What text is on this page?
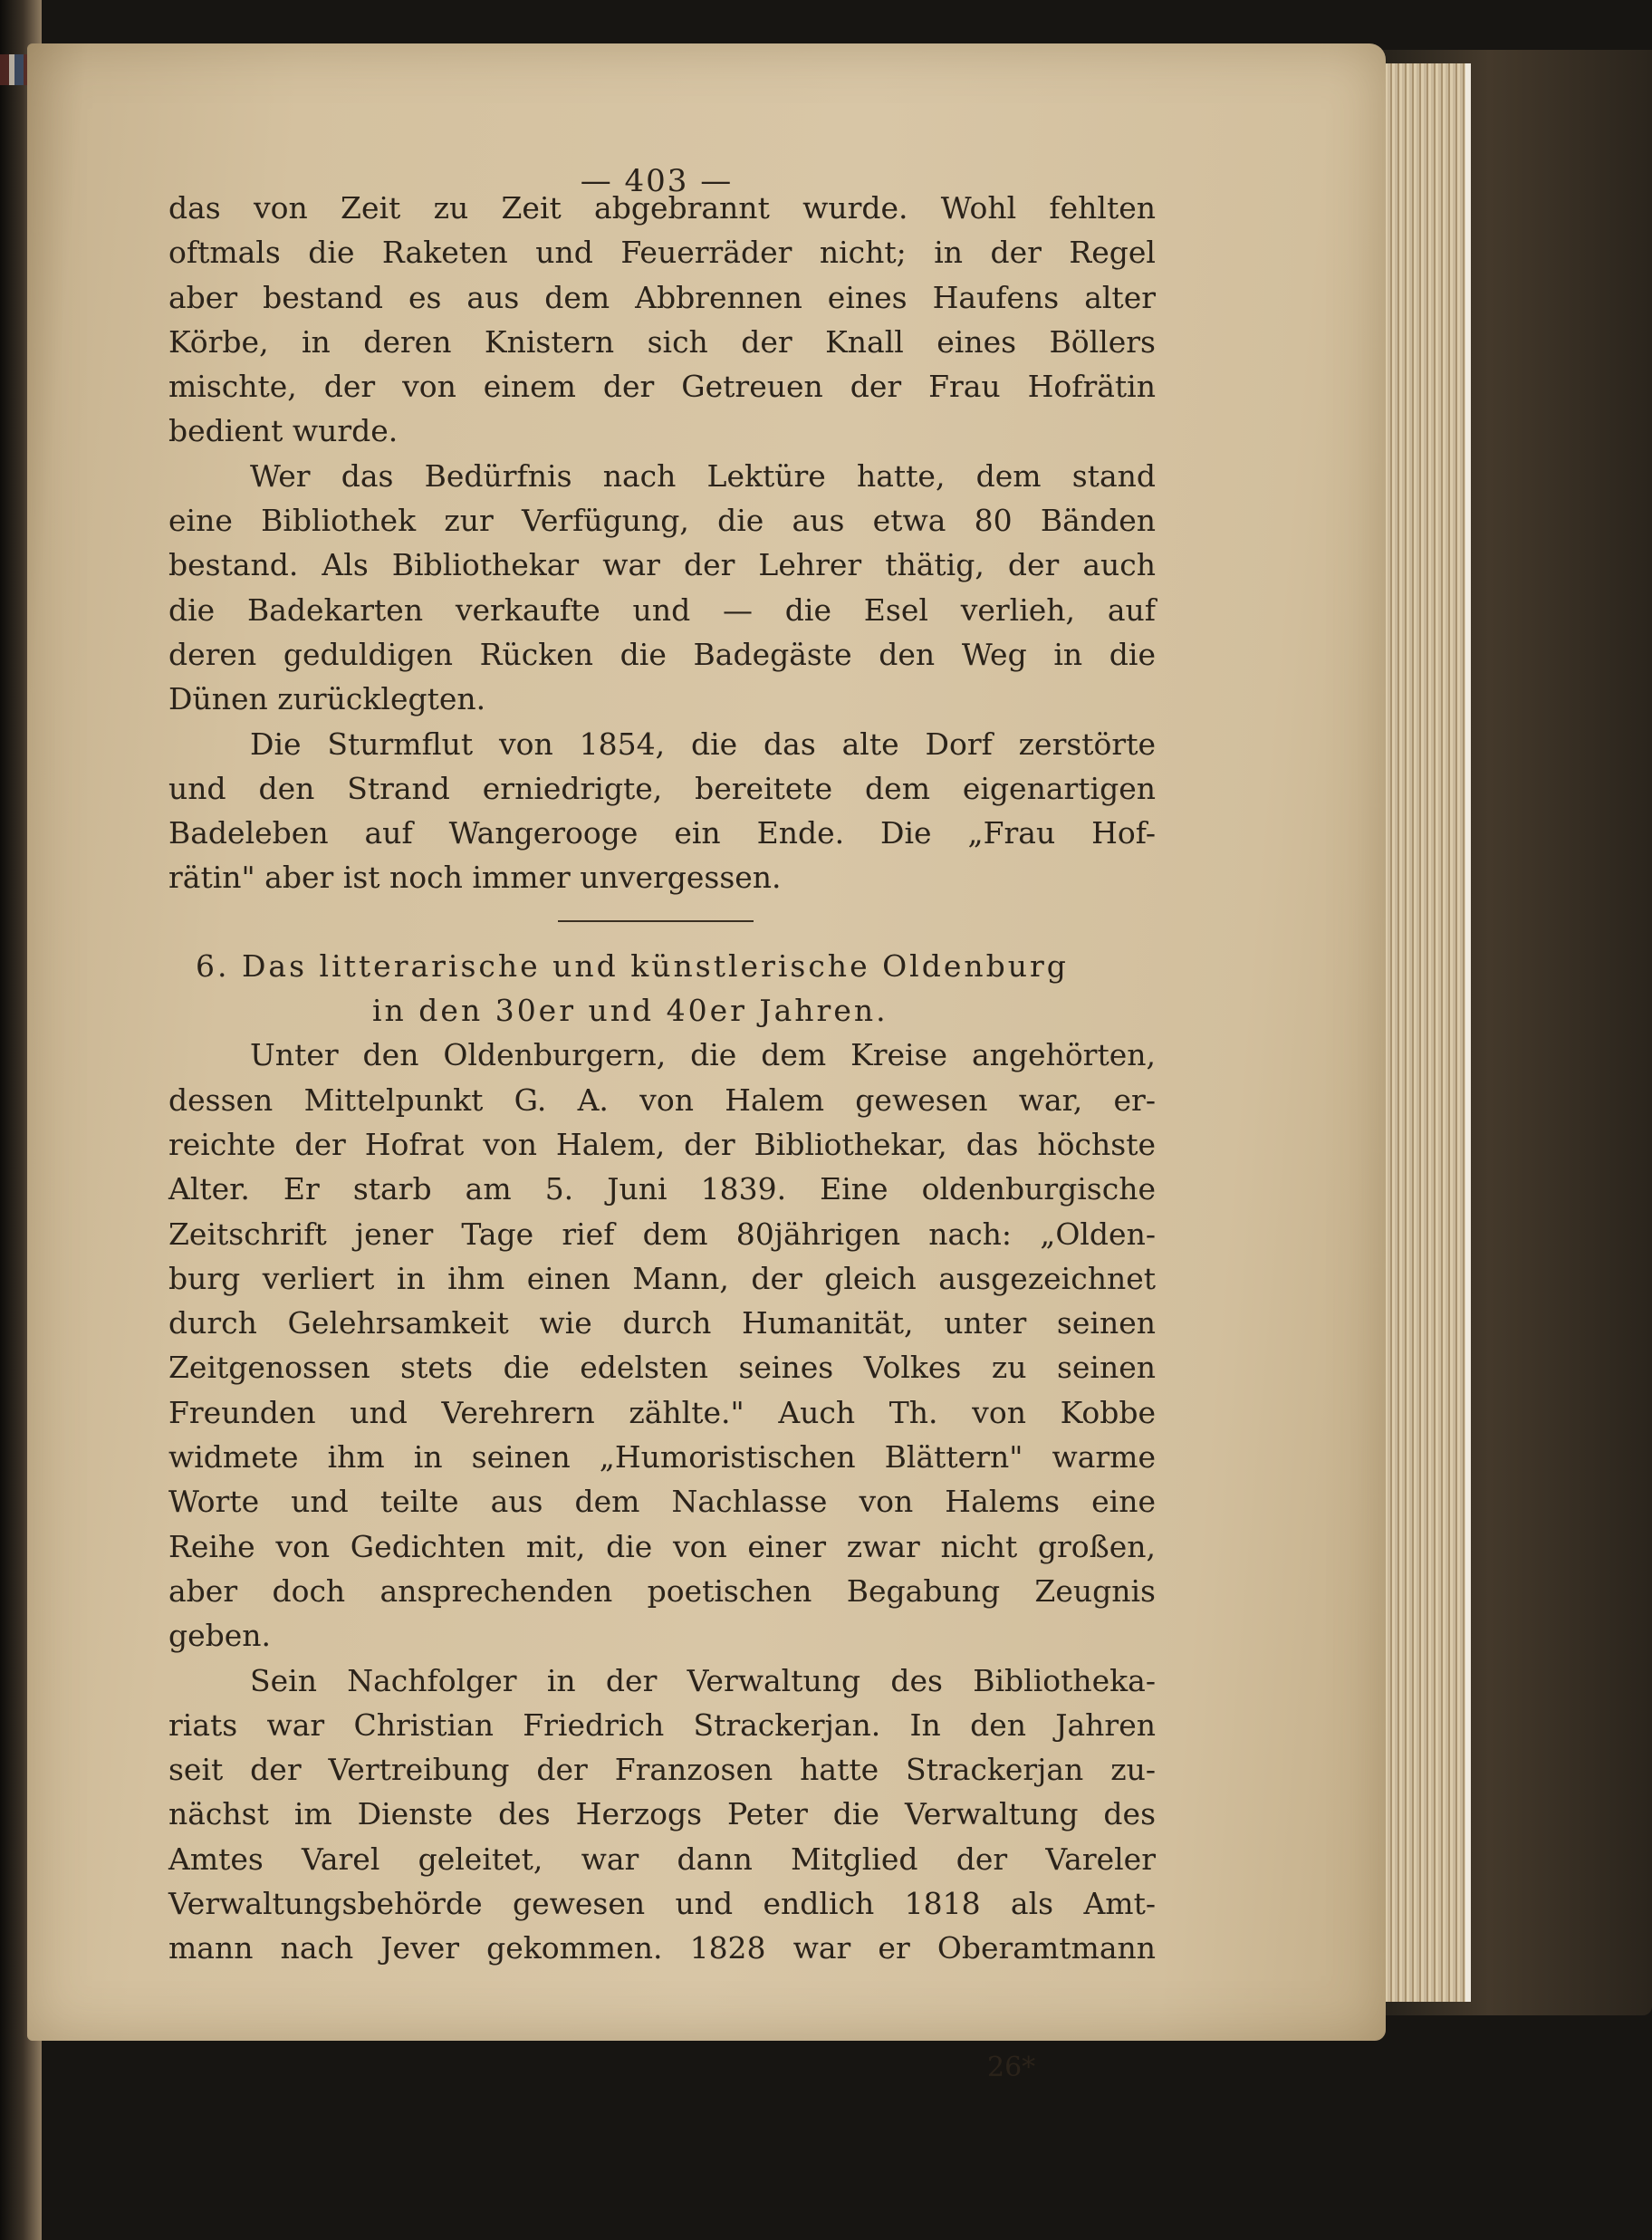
— 403 —
das von Zeit zu Zeit abgebrannt wurde. Wohl fehlten
oftmals die Raketen und Feuerräder nicht; in der Regel
aber bestand es aus dem Abbrennen eines Haufens alter
Körbe, in deren Knistern sich der Knall eines Böllers
mischte, der von einem der Getreuen der Frau Hofrätin
bedient wurde.
Wer das Bedürfnis nach Lektüre hatte, dem stand
eine Bibliothek zur Verfügung, die aus etwa 80 Bänden
bestand. Als Bibliothekar war der Lehrer thätig, der auch
die Badekarten verkaufte und — die Esel verlieh, auf
deren geduldigen Rücken die Badegäste den Weg in die
Dünen zurücklegten.
Die Sturmflut von 1854, die das alte Dorf zerstörte
und den Strand erniedrigte, bereitete dem eigenartigen
Badeleben auf Wangerooge ein Ende. Die „Frau Hof-
rätin" aber ist noch immer unvergessen.
6. Das litterarische und künstlerische Oldenburg
in den 30er und 40er Jahren.
Unter den Oldenburgern, die dem Kreise angehörten,
dessen Mittelpunkt G. A. von Halem gewesen war, er-
reichte der Hofrat von Halem, der Bibliothekar, das höchste
Alter. Er starb am 5. Juni 1839. Eine oldenburgische
Zeitschrift jener Tage rief dem 80jährigen nach: „Olden-
burg verliert in ihm einen Mann, der gleich ausgezeichnet
durch Gelehrsamkeit wie durch Humanität, unter seinen
Zeitgenossen stets die edelsten seines Volkes zu seinen
Freunden und Verehrern zählte." Auch Th. von Kobbe
widmete ihm in seinen „Humoristischen Blättern" warme
Worte und teilte aus dem Nachlasse von Halems eine
Reihe von Gedichten mit, die von einer zwar nicht großen,
aber doch ansprechenden poetischen Begabung Zeugnis
geben.
Sein Nachfolger in der Verwaltung des Bibliotheka-
riats war Christian Friedrich Strackerjan. In den Jahren
seit der Vertreibung der Franzosen hatte Strackerjan zu-
nächst im Dienste des Herzogs Peter die Verwaltung des
Amtes Varel geleitet, war dann Mitglied der Vareler
Verwaltungsbehörde gewesen und endlich 1818 als Amt-
mann nach Jever gekommen. 1828 war er Oberamtmann
26*
